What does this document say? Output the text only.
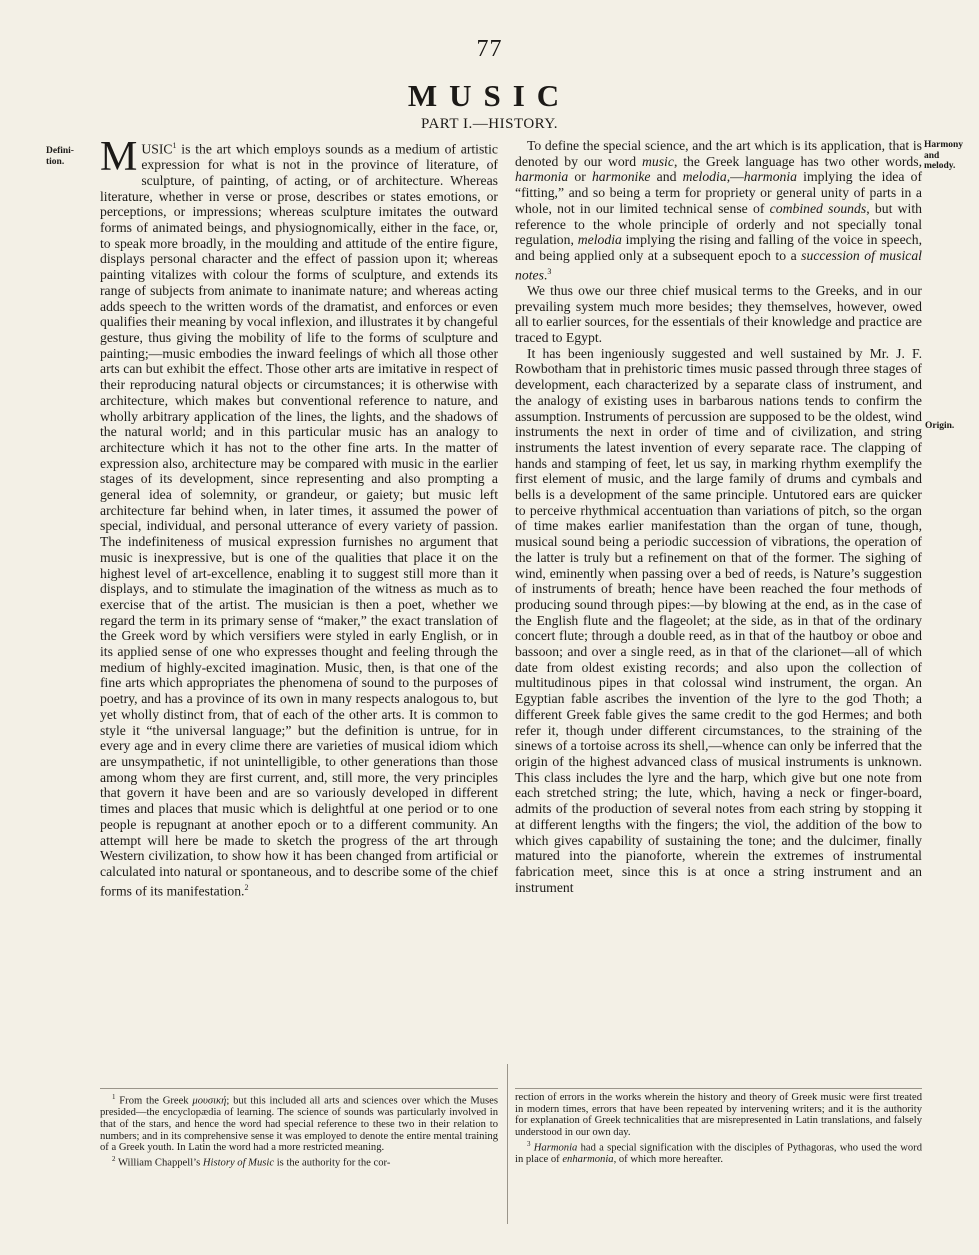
77
MUSIC
PART I.—HISTORY.
Defini-
tion.
Harmony
and
melody.
Origin.

MUSIC$^1$ is the art which employs sounds as a medium of artistic expression for what is not in the province of literature, of sculpture, of painting, of acting, or of architecture. Whereas literature, whether in verse or prose, describes or states emotions, or perceptions, or impressions; whereas sculpture imitates the outward forms of animated beings, and physiognomically, either in the face, or, to speak more broadly, in the moulding and attitude of the entire figure, displays personal character and the effect of passion upon it; whereas painting vitalizes with colour the forms of sculpture, and extends its range of subjects from animate to inanimate nature; and whereas acting adds speech to the written words of the dramatist, and enforces or even qualifies their meaning by vocal inflexion, and illustrates it by changeful gesture, thus giving the mobility of life to the forms of sculpture and painting;—music embodies the inward feelings of which all those other arts can but exhibit the effect. Those other arts are imitative in respect of their reproducing natural objects or circumstances; it is otherwise with architecture, which makes but conventional reference to nature, and wholly arbitrary application of the lines, the lights, and the shadows of the natural world; and in this particular music has an analogy to architecture which it has not to the other fine arts. In the matter of expression also, architecture may be compared with music in the earlier stages of its development, since representing and also prompting a general idea of solemnity, or grandeur, or gaiety; but music left architecture far behind when, in later times, it assumed the power of special, individual, and personal utterance of every variety of passion. The indefiniteness of musical expression furnishes no argument that music is inexpressive, but is one of the qualities that place it on the highest level of art-excellence, enabling it to suggest still more than it displays, and to stimulate the imagination of the witness as much as to exercise that of the artist. The musician is then a poet, whether we regard the term in its primary sense of “maker,” the exact translation of the Greek word by which versifiers were styled in early English, or in its applied sense of one who expresses thought and feeling through the medium of highly-excited imagination. Music, then, is that one of the fine arts which appropriates the phenomena of sound to the purposes of poetry, and has a province of its own in many respects analogous to, but yet wholly distinct from, that of each of the other arts. It is common to style it “the universal language;” but the definition is untrue, for in every age and in every clime there are varieties of musical idiom which are unsympathetic, if not unintelligible, to other generations than those among whom they are first current, and, still more, the very principles that govern it have been and are so variously developed in different times and places that music which is delightful at one period or to one people is repugnant at another epoch or to a different community. An attempt will here be made to sketch the progress of the art through Western civilization, to show how it has been changed from artificial or calculated into natural or spontaneous, and to describe some of the chief forms of its manifestation.$^2$

To define the special science, and the art which is its application, that is denoted by our word music, the Greek language has two other words, harmonia or harmonike and melodia,—harmonia implying the idea of “fitting,” and so being a term for propriety or general unity of parts in a whole, not in our limited technical sense of combined sounds, but with reference to the whole principle of orderly and not specially tonal regulation, melodia implying the rising and falling of the voice in speech, and being applied only at a subsequent epoch to a succession of musical notes.$^3$

We thus owe our three chief musical terms to the Greeks, and in our prevailing system much more besides; they themselves, however, owed all to earlier sources, for the essentials of their knowledge and practice are traced to Egypt.

It has been ingeniously suggested and well sustained by Mr. J. F. Rowbotham that in prehistoric times music passed through three stages of development, each characterized by a separate class of instrument, and the analogy of existing uses in barbarous nations tends to confirm the assumption. Instruments of percussion are supposed to be the oldest, wind instruments the next in order of time and of civilization, and string instruments the latest invention of every separate race. The clapping of hands and stamping of feet, let us say, in marking rhythm exemplify the first element of music, and the large family of drums and cymbals and bells is a development of the same principle. Untutored ears are quicker to perceive rhythmical accentuation than variations of pitch, so the organ of time makes earlier manifestation than the organ of tune, though, musical sound being a periodic succession of vibrations, the operation of the latter is truly but a refinement on that of the former. The sighing of wind, eminently when passing over a bed of reeds, is Nature’s suggestion of instruments of breath; hence have been reached the four methods of producing sound through pipes:—by blowing at the end, as in the case of the English flute and the flageolet; at the side, as in that of the ordinary concert flute; through a double reed, as in that of the hautboy or oboe and bassoon; and over a single reed, as in that of the clarionet—all of which date from oldest existing records; and also upon the collection of multitudinous pipes in that colossal wind instrument, the organ. An Egyptian fable ascribes the invention of the lyre to the god Thoth; a different Greek fable gives the same credit to the god Hermes; and both refer it, though under different circumstances, to the straining of the sinews of a tortoise across its shell,—whence can only be inferred that the origin of the highest advanced class of musical instruments is unknown. This class includes the lyre and the harp, which give but one note from each stretched string; the lute, which, having a neck or finger-board, admits of the production of several notes from each string by stopping it at different lengths with the fingers; the viol, the addition of the bow to which gives capability of sustaining the tone; and the dulcimer, finally matured into the pianoforte, wherein the extremes of instrumental fabrication meet, since this is at once a string instrument and an instrument

$^1$ From the Greek μουσική; but this included all arts and sciences over which the Muses presided—the encyclopædia of learning. The science of sounds was particularly involved in that of the stars, and hence the word had special reference to these two in their relation to numbers; and in its comprehensive sense it was employed to denote the entire mental training of a Greek youth. In Latin the word had a more restricted meaning.

$^2$ William Chappell’s History of Music is the authority for the cor-

rection of errors in the works wherein the history and theory of Greek music were first treated in modern times, errors that have been repeated by intervening writers; and it is the authority for explanation of Greek technicalities that are misrepresented in Latin translations, and falsely understood in our own day.

$^3$ Harmonia had a special signification with the disciples of Pythagoras, who used the word in place of enharmonia, of which more hereafter.
